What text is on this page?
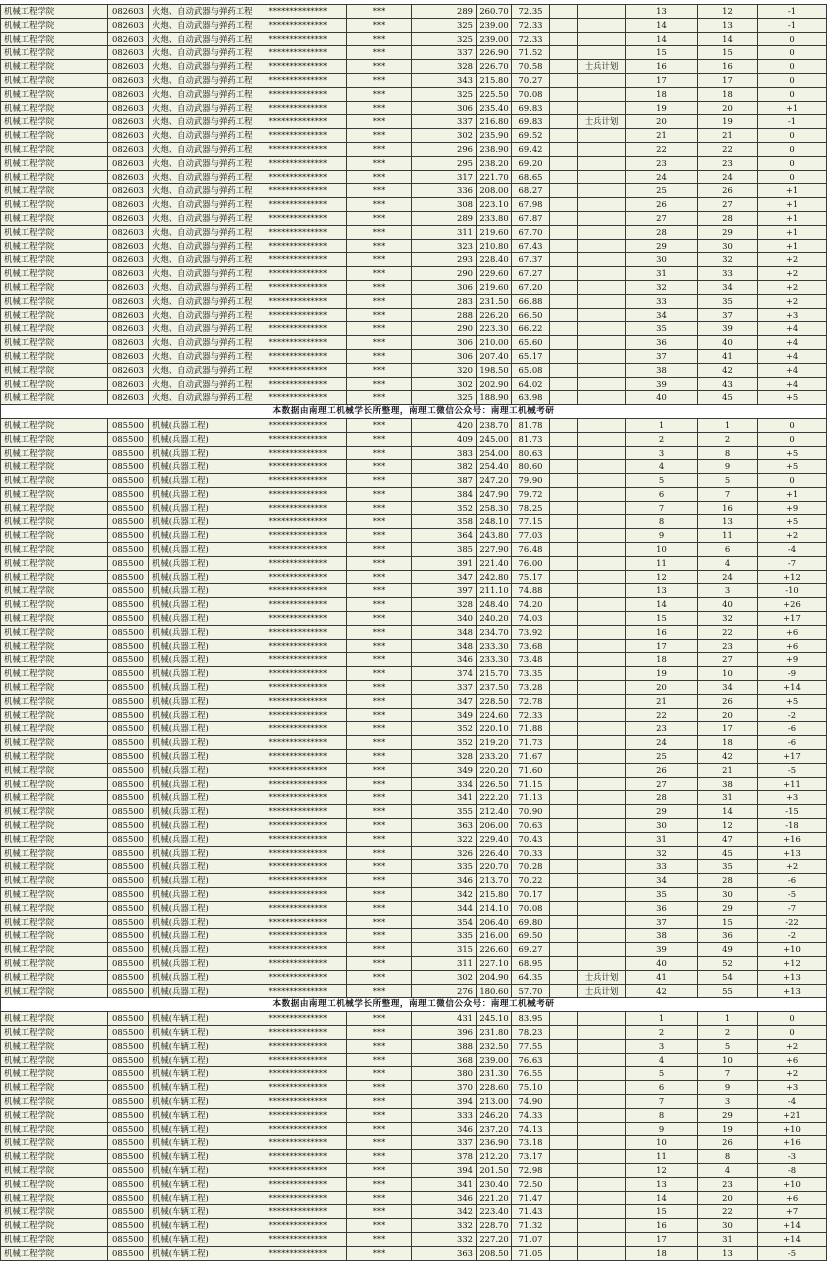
机械工程学院	082603	火炮、自动武器与弹药工程	**************	***	289	260.70	72.35			13	12	-1
机械工程学院	082603	火炮、自动武器与弹药工程	**************	***	325	239.00	72.33			14	13	-1
机械工程学院	082603	火炮、自动武器与弹药工程	**************	***	325	239.00	72.33			14	14	0
机械工程学院	082603	火炮、自动武器与弹药工程	**************	***	337	226.90	71.52			15	15	0
机械工程学院	082603	火炮、自动武器与弹药工程	**************	***	328	226.70	70.58		士兵计划	16	16	0
机械工程学院	082603	火炮、自动武器与弹药工程	**************	***	343	215.80	70.27			17	17	0
机械工程学院	082603	火炮、自动武器与弹药工程	**************	***	325	225.50	70.08			18	18	0
机械工程学院	082603	火炮、自动武器与弹药工程	**************	***	306	235.40	69.83			19	20	+1
机械工程学院	082603	火炮、自动武器与弹药工程	**************	***	337	216.80	69.83		士兵计划	20	19	-1
机械工程学院	082603	火炮、自动武器与弹药工程	**************	***	302	235.90	69.52			21	21	0
机械工程学院	082603	火炮、自动武器与弹药工程	**************	***	296	238.90	69.42			22	22	0
机械工程学院	082603	火炮、自动武器与弹药工程	**************	***	295	238.20	69.20			23	23	0
机械工程学院	082603	火炮、自动武器与弹药工程	**************	***	317	221.70	68.65			24	24	0
机械工程学院	082603	火炮、自动武器与弹药工程	**************	***	336	208.00	68.27			25	26	+1
机械工程学院	082603	火炮、自动武器与弹药工程	**************	***	308	223.10	67.98			26	27	+1
机械工程学院	082603	火炮、自动武器与弹药工程	**************	***	289	233.80	67.87			27	28	+1
机械工程学院	082603	火炮、自动武器与弹药工程	**************	***	311	219.60	67.70			28	29	+1
机械工程学院	082603	火炮、自动武器与弹药工程	**************	***	323	210.80	67.43			29	30	+1
机械工程学院	082603	火炮、自动武器与弹药工程	**************	***	293	228.40	67.37			30	32	+2
机械工程学院	082603	火炮、自动武器与弹药工程	**************	***	290	229.60	67.27			31	33	+2
机械工程学院	082603	火炮、自动武器与弹药工程	**************	***	306	219.60	67.20			32	34	+2
机械工程学院	082603	火炮、自动武器与弹药工程	**************	***	283	231.50	66.88			33	35	+2
机械工程学院	082603	火炮、自动武器与弹药工程	**************	***	288	226.20	66.50			34	37	+3
机械工程学院	082603	火炮、自动武器与弹药工程	**************	***	290	223.30	66.22			35	39	+4
机械工程学院	082603	火炮、自动武器与弹药工程	**************	***	306	210.00	65.60			36	40	+4
机械工程学院	082603	火炮、自动武器与弹药工程	**************	***	306	207.40	65.17			37	41	+4
机械工程学院	082603	火炮、自动武器与弹药工程	**************	***	320	198.50	65.08			38	42	+4
机械工程学院	082603	火炮、自动武器与弹药工程	**************	***	302	202.90	64.02			39	43	+4
机械工程学院	082603	火炮、自动武器与弹药工程	**************	***	325	188.90	63.98			40	45	+5
本数据由南理工机械学长所整理，南理工微信公众号：南理工机械考研												
机械工程学院	085500	机械(兵器工程)	**************	***	420	238.70	81.78			1	1	0
机械工程学院	085500	机械(兵器工程)	**************	***	409	245.00	81.73			2	2	0
机械工程学院	085500	机械(兵器工程)	**************	***	383	254.00	80.63			3	8	+5
机械工程学院	085500	机械(兵器工程)	**************	***	382	254.40	80.60			4	9	+5
机械工程学院	085500	机械(兵器工程)	**************	***	387	247.20	79.90			5	5	0
机械工程学院	085500	机械(兵器工程)	**************	***	384	247.90	79.72			6	7	+1
机械工程学院	085500	机械(兵器工程)	**************	***	352	258.30	78.25			7	16	+9
机械工程学院	085500	机械(兵器工程)	**************	***	358	248.10	77.15			8	13	+5
机械工程学院	085500	机械(兵器工程)	**************	***	364	243.80	77.03			9	11	+2
机械工程学院	085500	机械(兵器工程)	**************	***	385	227.90	76.48			10	6	-4
机械工程学院	085500	机械(兵器工程)	**************	***	391	221.40	76.00			11	4	-7
机械工程学院	085500	机械(兵器工程)	**************	***	347	242.80	75.17			12	24	+12
机械工程学院	085500	机械(兵器工程)	**************	***	397	211.10	74.88			13	3	-10
机械工程学院	085500	机械(兵器工程)	**************	***	328	248.40	74.20			14	40	+26
机械工程学院	085500	机械(兵器工程)	**************	***	340	240.20	74.03			15	32	+17
机械工程学院	085500	机械(兵器工程)	**************	***	348	234.70	73.92			16	22	+6
机械工程学院	085500	机械(兵器工程)	**************	***	348	233.30	73.68			17	23	+6
机械工程学院	085500	机械(兵器工程)	**************	***	346	233.30	73.48			18	27	+9
机械工程学院	085500	机械(兵器工程)	**************	***	374	215.70	73.35			19	10	-9
机械工程学院	085500	机械(兵器工程)	**************	***	337	237.50	73.28			20	34	+14
机械工程学院	085500	机械(兵器工程)	**************	***	347	228.50	72.78			21	26	+5
机械工程学院	085500	机械(兵器工程)	**************	***	349	224.60	72.33			22	20	-2
机械工程学院	085500	机械(兵器工程)	**************	***	352	220.10	71.88			23	17	-6
机械工程学院	085500	机械(兵器工程)	**************	***	352	219.20	71.73			24	18	-6
机械工程学院	085500	机械(兵器工程)	**************	***	328	233.20	71.67			25	42	+17
机械工程学院	085500	机械(兵器工程)	**************	***	349	220.20	71.60			26	21	-5
机械工程学院	085500	机械(兵器工程)	**************	***	334	226.50	71.15			27	38	+11
机械工程学院	085500	机械(兵器工程)	**************	***	341	222.20	71.13			28	31	+3
机械工程学院	085500	机械(兵器工程)	**************	***	355	212.40	70.90			29	14	-15
机械工程学院	085500	机械(兵器工程)	**************	***	363	206.00	70.63			30	12	-18
机械工程学院	085500	机械(兵器工程)	**************	***	322	229.40	70.43			31	47	+16
机械工程学院	085500	机械(兵器工程)	**************	***	326	226.40	70.33			32	45	+13
机械工程学院	085500	机械(兵器工程)	**************	***	335	220.70	70.28			33	35	+2
机械工程学院	085500	机械(兵器工程)	**************	***	346	213.70	70.22			34	28	-6
机械工程学院	085500	机械(兵器工程)	**************	***	342	215.80	70.17			35	30	-5
机械工程学院	085500	机械(兵器工程)	**************	***	344	214.10	70.08			36	29	-7
机械工程学院	085500	机械(兵器工程)	**************	***	354	206.40	69.80			37	15	-22
机械工程学院	085500	机械(兵器工程)	**************	***	335	216.00	69.50			38	36	-2
机械工程学院	085500	机械(兵器工程)	**************	***	315	226.60	69.27			39	49	+10
机械工程学院	085500	机械(兵器工程)	**************	***	311	227.10	68.95			40	52	+12
机械工程学院	085500	机械(兵器工程)	**************	***	302	204.90	64.35		士兵计划	41	54	+13
机械工程学院	085500	机械(兵器工程)	**************	***	276	180.60	57.70		士兵计划	42	55	+13
本数据由南理工机械学长所整理，南理工微信公众号：南理工机械考研												
机械工程学院	085500	机械(车辆工程)	**************	***	431	245.10	83.95			1	1	0
机械工程学院	085500	机械(车辆工程)	**************	***	396	231.80	78.23			2	2	0
机械工程学院	085500	机械(车辆工程)	**************	***	388	232.50	77.55			3	5	+2
机械工程学院	085500	机械(车辆工程)	**************	***	368	239.00	76.63			4	10	+6
机械工程学院	085500	机械(车辆工程)	**************	***	380	231.30	76.55			5	7	+2
机械工程学院	085500	机械(车辆工程)	**************	***	370	228.60	75.10			6	9	+3
机械工程学院	085500	机械(车辆工程)	**************	***	394	213.00	74.90			7	3	-4
机械工程学院	085500	机械(车辆工程)	**************	***	333	246.20	74.33			8	29	+21
机械工程学院	085500	机械(车辆工程)	**************	***	346	237.20	74.13			9	19	+10
机械工程学院	085500	机械(车辆工程)	**************	***	337	236.90	73.18			10	26	+16
机械工程学院	085500	机械(车辆工程)	**************	***	378	212.20	73.17			11	8	-3
机械工程学院	085500	机械(车辆工程)	**************	***	394	201.50	72.98			12	4	-8
机械工程学院	085500	机械(车辆工程)	**************	***	341	230.40	72.50			13	23	+10
机械工程学院	085500	机械(车辆工程)	**************	***	346	221.20	71.47			14	20	+6
机械工程学院	085500	机械(车辆工程)	**************	***	342	223.40	71.43			15	22	+7
机械工程学院	085500	机械(车辆工程)	**************	***	332	228.70	71.32			16	30	+14
机械工程学院	085500	机械(车辆工程)	**************	***	332	227.20	71.07			17	31	+14
机械工程学院	085500	机械(车辆工程)	**************	***	363	208.50	71.05			18	13	-5
